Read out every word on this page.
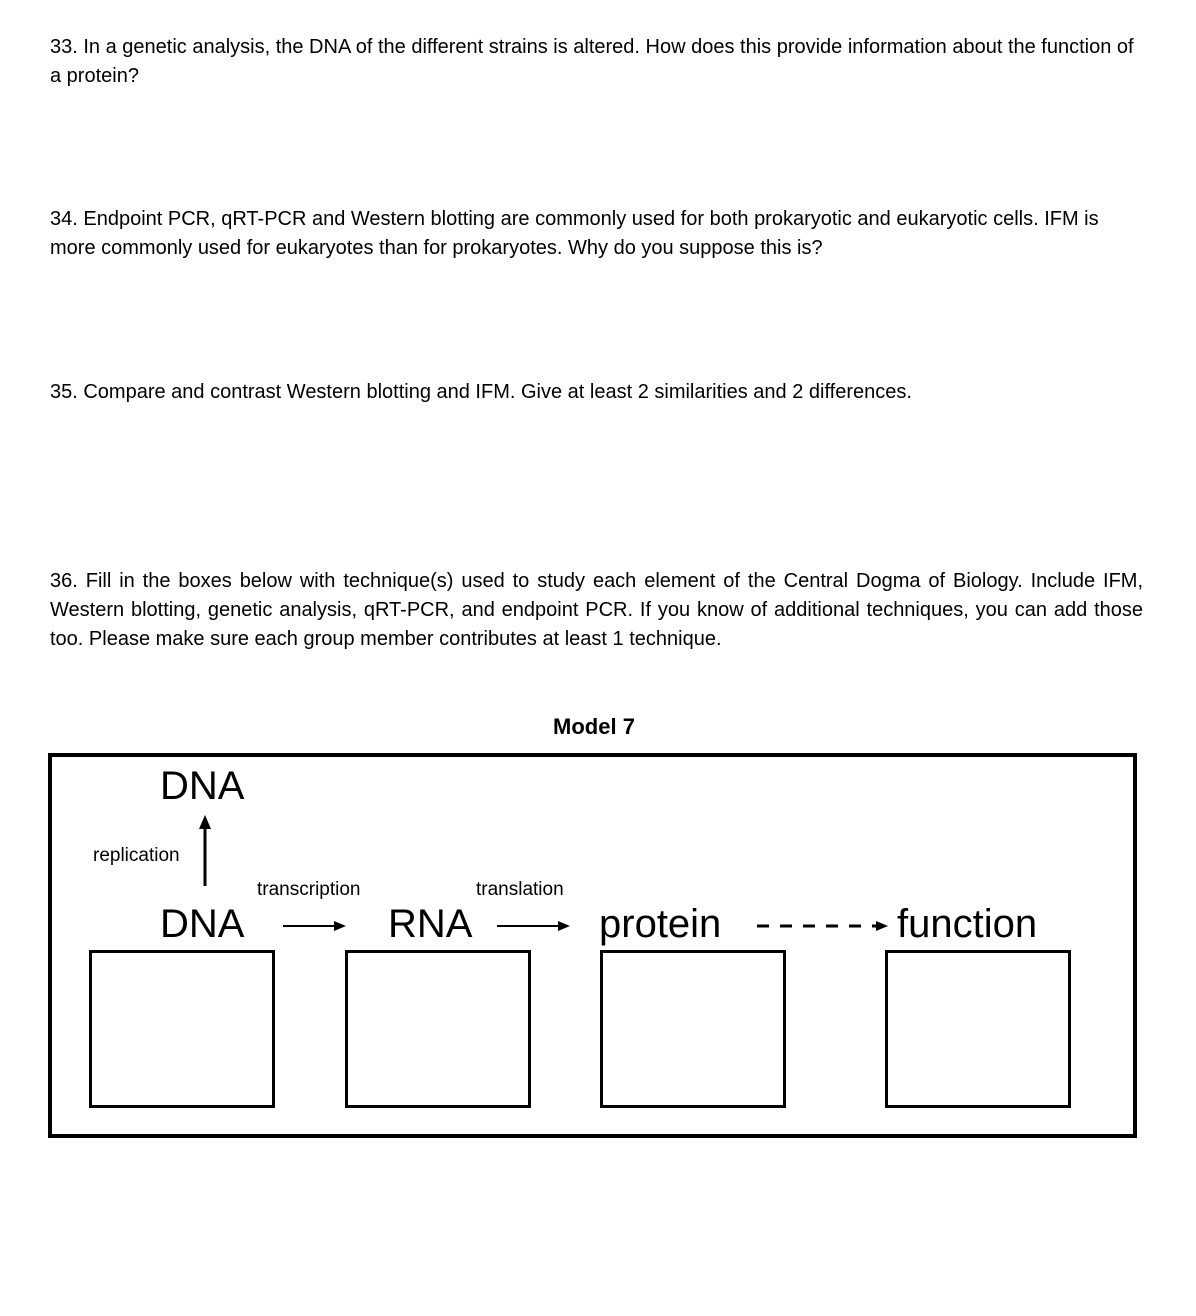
33. In a genetic analysis, the DNA of the different strains is altered. How does this provide information about the function of a protein?
34. Endpoint PCR, qRT-PCR and Western blotting are commonly used for both prokaryotic and eukaryotic cells. IFM is more commonly used for eukaryotes than for prokaryotes. Why do you suppose this is?
35. Compare and contrast Western blotting and IFM. Give at least 2 similarities and 2 differences.
36. Fill in the boxes below with technique(s) used to study each element of the Central Dogma of Biology. Include IFM, Western blotting, genetic analysis, qRT-PCR, and endpoint PCR. If you know of additional techniques, you can add those too. Please make sure each group member contributes at least 1 technique.
Model 7
DNA
replication
transcription	translation
DNA	RNA	protein	function
